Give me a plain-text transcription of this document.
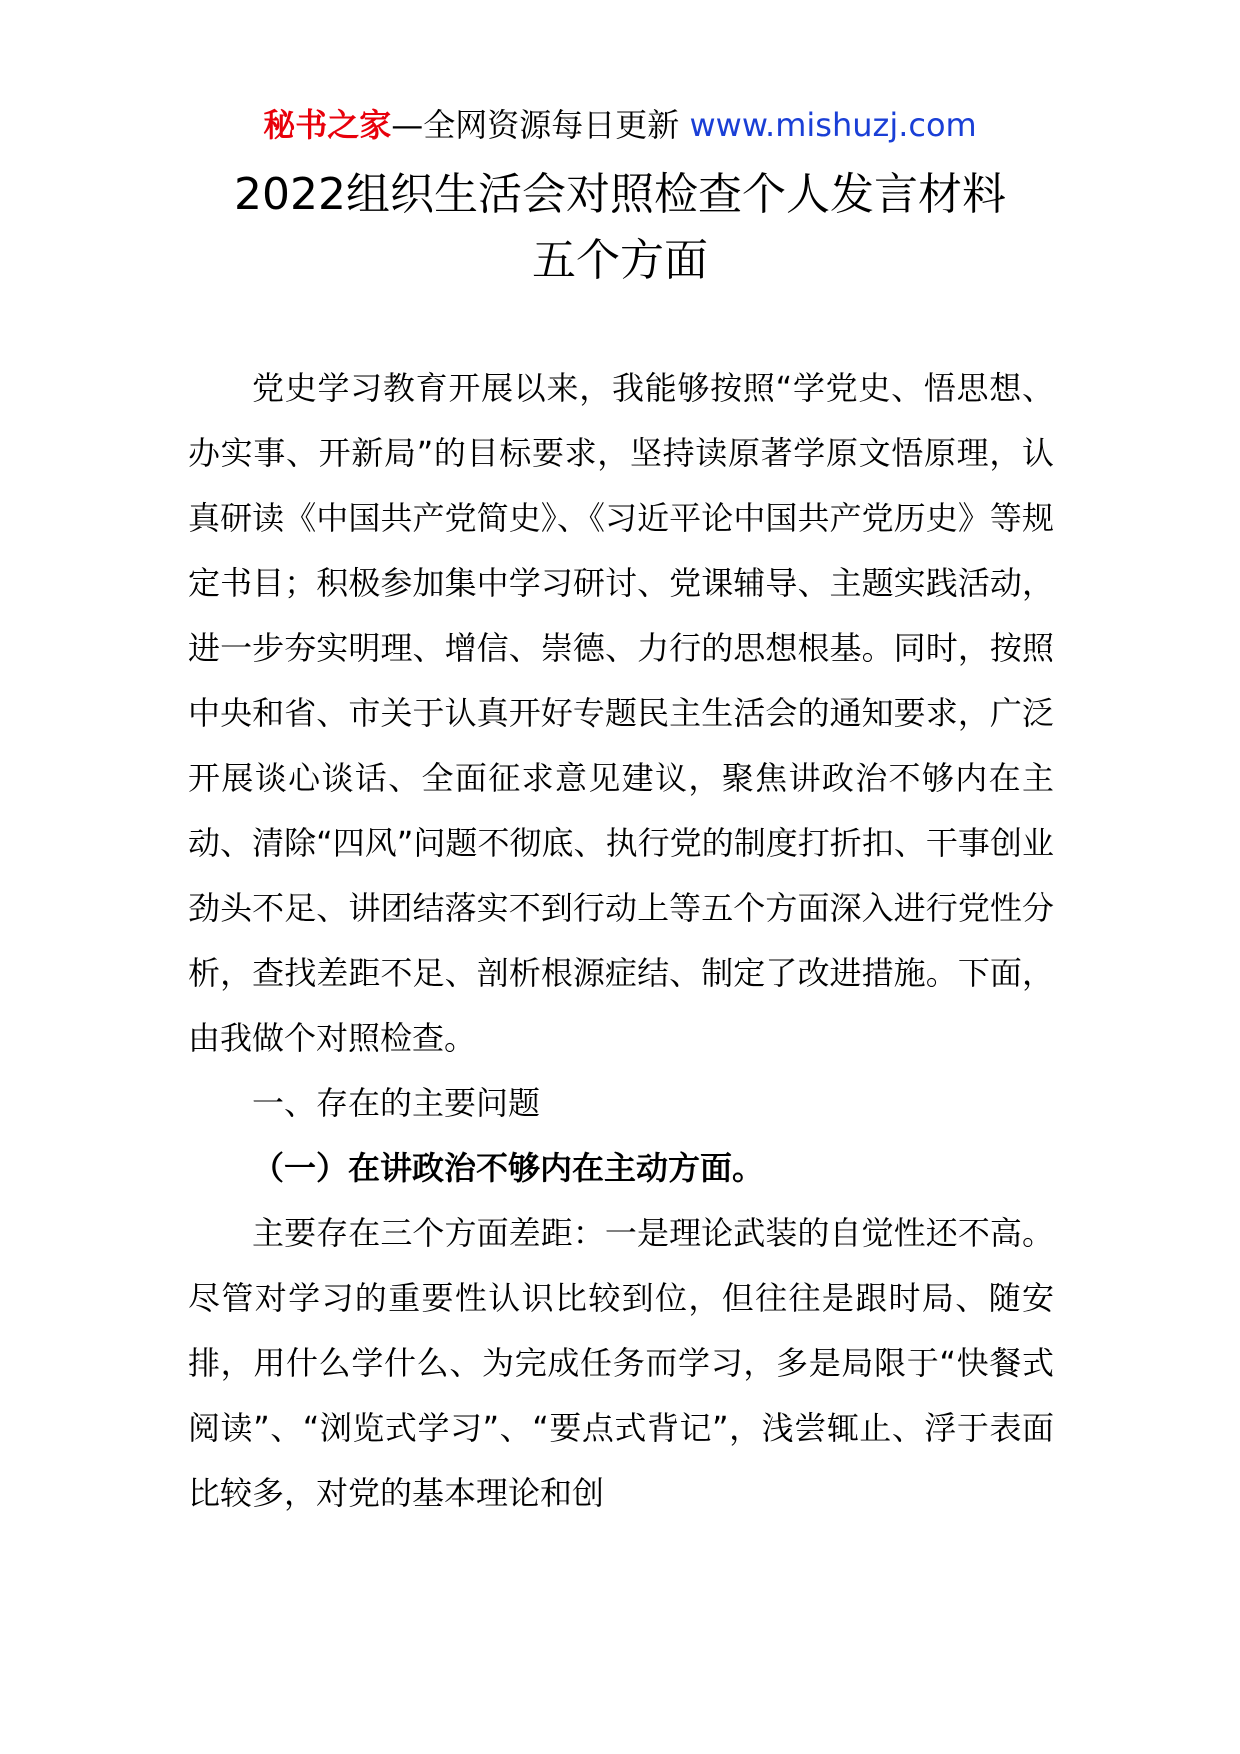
秘书之家—全网资源每日更新 www.mishuzj.com
2022组织生活会对照检查个人发言材料
五个方面

党史学习教育开展以来，我能够按照“学党史、悟思想、办实事、开新局”的目标要求，坚持读原著学原文悟原理，认真研读《中国共产党简史》、《习近平论中国共产党历史》等规定书目；积极参加集中学习研讨、党课辅导、主题实践活动，进一步夯实明理、增信、崇德、力行的思想根基。同时，按照中央和省、市关于认真开好专题民主生活会的通知要求，广泛开展谈心谈话、全面征求意见建议，聚焦讲政治不够内在主动、清除“四风”问题不彻底、执行党的制度打折扣、干事创业劲头不足、讲团结落实不到行动上等五个方面深入进行党性分析，查找差距不足、剖析根源症结、制定了改进措施。下面，由我做个对照检查。

一、存在的主要问题

（一）在讲政治不够内在主动方面。

主要存在三个方面差距：一是理论武装的自觉性还不高。尽管对学习的重要性认识比较到位，但往往是跟时局、随安排，用什么学什么、为完成任务而学习，多是局限于“快餐式阅读”、“浏览式学习”、“要点式背记”，浅尝辄止、浮于表面比较多，对党的基本理论和创
